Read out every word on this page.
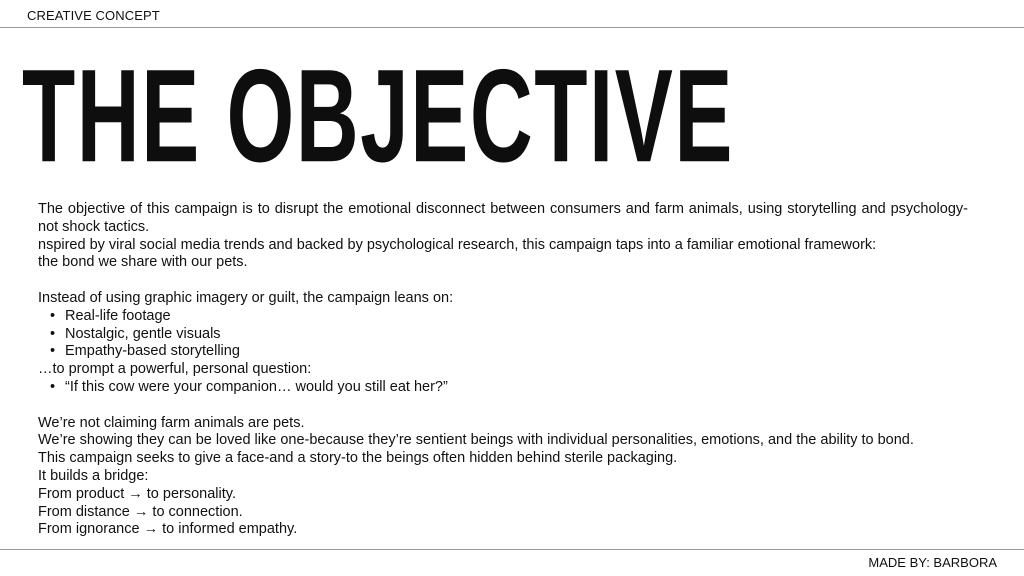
CREATIVE CONCEPT
THE OBJECTIVE

The objective of this campaign is to disrupt the emotional disconnect between consumers and farm animals, using storytelling and psychology-not shock tactics.

nspired by viral social media trends and backed by psychological research, this campaign taps into a familiar emotional framework:

the bond we share with our pets.

Instead of using graphic imagery or guilt, the campaign leans on:

• Real-life footage
• Nostalgic, gentle visuals
• Empathy-based storytelling

…to prompt a powerful, personal question:

• “If this cow were your companion… would you still eat her?”

We’re not claiming farm animals are pets.

We’re showing they can be loved like one-because they’re sentient beings with individual personalities, emotions, and the ability to bond.

This campaign seeks to give a face-and a story-to the beings often hidden behind sterile packaging.

It builds a bridge:

From product → to personality.

From distance → to connection.

From ignorance → to informed empathy.

MADE BY: BARBORA
